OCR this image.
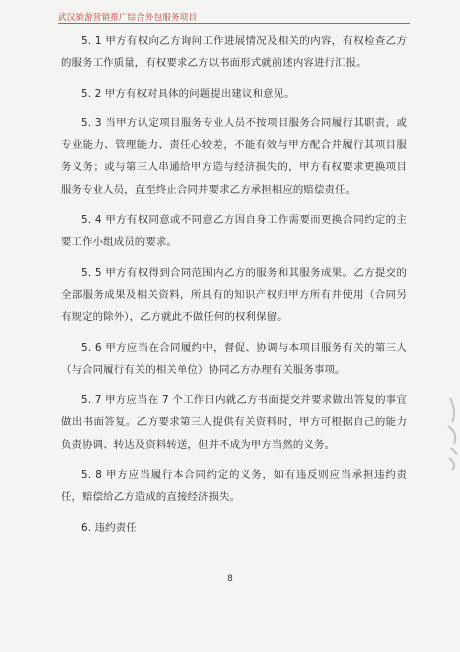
武汉旅游营销推广综合外包服务项目

5. 1 甲方有权向乙方询问工作进展情况及相关的内容，有权检查乙方的服务工作质量，有权要求乙方以书面形式就前述内容进行汇报。

5. 2 甲方有权对具体的问题提出建议和意见。

5. 3 当甲方认定项目服务专业人员不按项目服务合同履行其职责，或专业能力、管理能力、责任心较差，不能有效与甲方配合并履行其项目服务义务；或与第三人串通给甲方造与经济损失的，甲方有权要求更换项目服务专业人员，直至终止合同并要求乙方承担相应的赔偿责任。

5. 4 甲方有权同意或不同意乙方因自身工作需要而更换合同约定的主要工作小组成员的要求。

5. 5 甲方有权得到合同范围内乙方的服务和其服务成果。乙方提交的全部服务成果及相关资料，所具有的知识产权归甲方所有并使用（合同另有规定的除外），乙方就此不做任何的权利保留。

5. 6 甲方应当在合同履约中，督促、协调与本项目服务有关的第三人（与合同履行有关的相关单位）协同乙方办理有关服务事项。

5. 7 甲方应当在 7 个工作日内就乙方书面提交并要求做出答复的事宜做出书面答复。乙方要求第三人提供有关资料时，甲方可根据自己的能力负责协调、转达及资料转送，但并不成为甲方当然的义务。

5. 8 甲方应当履行本合同约定的义务，如有违反则应当承担违约责任，赔偿给乙方造成的直接经济损失。

6. 违约责任

8
